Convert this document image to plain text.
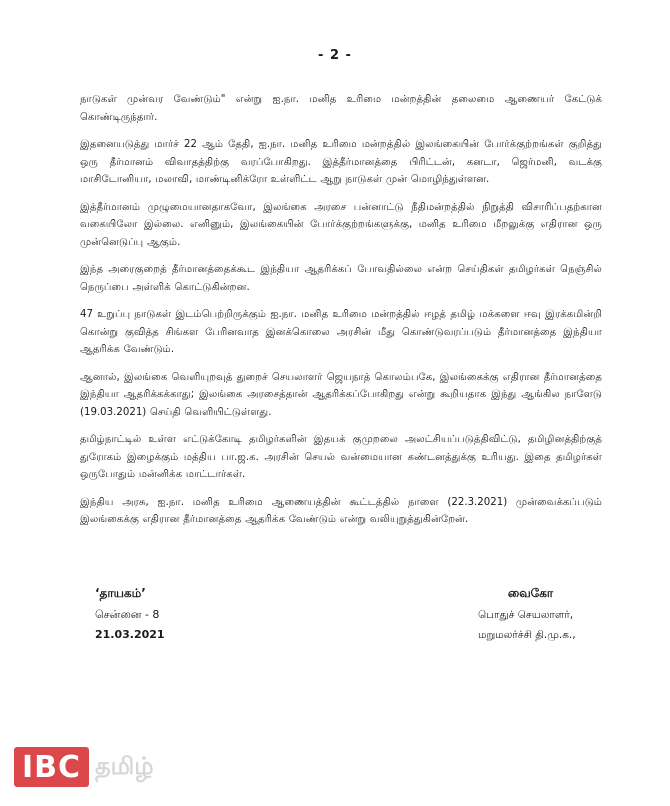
- 2 -

நாடுகள் முன்வர வேண்டும்" என்று ஐ.நா. மனித உரிமை மன்றத்தின் தலைமை ஆணையர் கேட்டுக் கொண்டிருந்தார்.

இதனையடுத்து மார்ச் 22 ஆம் தேதி, ஐ.நா. மனித உரிமை மன்றத்தில் இலங்கையின் போர்க்குற்றங்கள் குறித்து ஒரு தீர்மானம் விவாதத்திற்கு வரப்போகிறது. இத்தீர்மானத்தை பிரிட்டன், கனடா, ஜெர்மனி, வடக்கு மாசிடோனியா, மலாவி, மாண்டினிக்ரோ உள்ளிட்ட ஆறு நாடுகள் முன் மொழிந்துள்ளன.

இத்தீர்மானம் முழுமையானதாகவோ, இலங்கை அரசை பன்னாட்டு நீதிமன்றத்தில் நிறுத்தி விசாரிப்பதற்கான வகையிலோ இல்லை. எனினும், இலங்கையின் போர்க்குற்றங்களுக்கு, மனித உரிமை மீறலுக்கு எதிரான ஒரு முன்னெடுப்பு ஆகும்.

இந்த அரைகுறைத் தீர்மானத்தைக்கூட இந்தியா ஆதரிக்கப் போவதில்லை என்ற செய்திகள் தமிழர்கள் நெஞ்சில் நெருப்பை அள்ளிக் கொட்டுகின்றன.

47 உறுப்பு நாடுகள் இடம்பெற்றிருக்கும் ஐ.நா. மனித உரிமை மன்றத்தில் ஈழத் தமிழ் மக்களை ஈவு இரக்கமின்றி கொன்று குவித்த சிங்கள பேரினவாத இனக்கொலை அரசின் மீது கொண்டுவரப்படும் தீர்மானத்தை இந்தியா ஆதரிக்க வேண்டும்.

ஆனால், இலங்கை வெளியுறவுத் துறைச் செயலாளர் ஜெயநாத் கொலம்பகே, இலங்கைக்கு எதிரான தீர்மானத்தை இந்தியா ஆதரிக்கக்காது; இலங்கை அரசைத்தான் ஆதரிக்கப்போகிறது என்று கூறியதாக இந்து ஆங்கில நாளேடு (19.03.2021) செய்தி வெளியிட்டுள்ளது.

தமிழ்நாட்டில் உள்ள எட்டுக்கோடி தமிழர்களின் இதயக் குமுறலை அலட்சியப்படுத்திவிட்டு, தமிழினத்திற்குத் துரோகம் இழைக்கும் மத்திய பா.ஜ.க. அரசின் செயல் வன்மையான கண்டனத்துக்கு உரியது. இதை தமிழர்கள் ஒருபோதும் மன்னிக்க மாட்டார்கள்.

இந்திய அரசு, ஐ.நா. மனித உரிமை ஆணையத்தின் கூட்டத்தில் நாளை (22.3.2021) முன்வைக்கப்படும் இலங்கைக்கு எதிரான தீர்மானத்தை ஆதரிக்க வேண்டும் என்று வலியுறுத்துகின்றேன்.

‘தாயகம்’
சென்னை - 8
21.03.2021
வைகோ
பொதுச் செயலாளர்,
மறுமலர்ச்சி தி.மு.க.,
IBC தமிழ்
